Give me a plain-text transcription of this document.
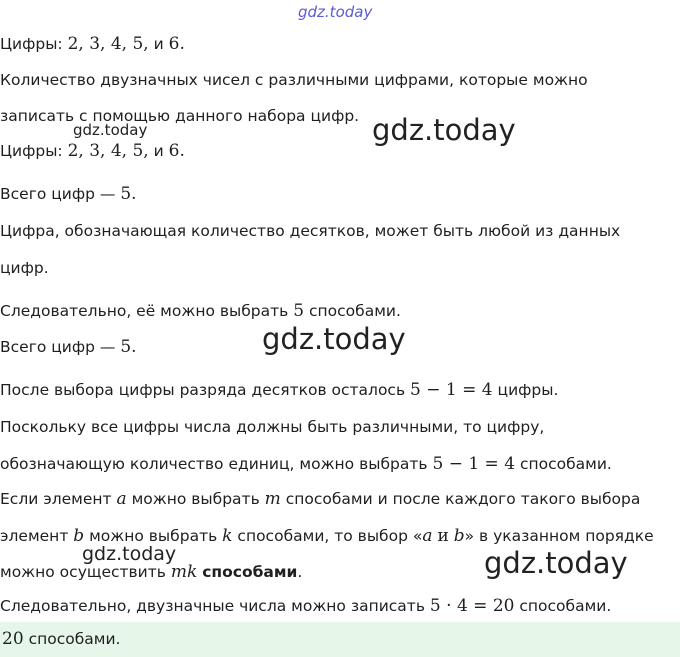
gdz.today
gdz.today
gdz.today
gdz.today
gdz.today	gdz.today
Цифры: 2, 3, 4, 5, и 6.
Количество двузначных чисел с различными цифрами, которые можно
записать с помощью данного набора цифр.
Цифры: 2, 3, 4, 5, и 6.
Всего цифр — 5.
Цифра, обозначающая количество десятков, может быть любой из данных
цифр.
Следовательно, её можно выбрать 5 способами.
Всего цифр — 5.
После выбора цифры разряда десятков осталось 5 − 1 = 4 цифры.
Поскольку все цифры числа должны быть различными, то цифру,
обозначающую количество единиц, можно выбрать 5 − 1 = 4 способами.
Если элемент a можно выбрать m способами и после каждого такого выбора
элемент b можно выбрать k способами, то выбор «a и b» в указанном порядке
можно осуществить mk способами.
Следовательно, двузначные числа можно записать 5 · 4 = 20 способами.
20 способами.
